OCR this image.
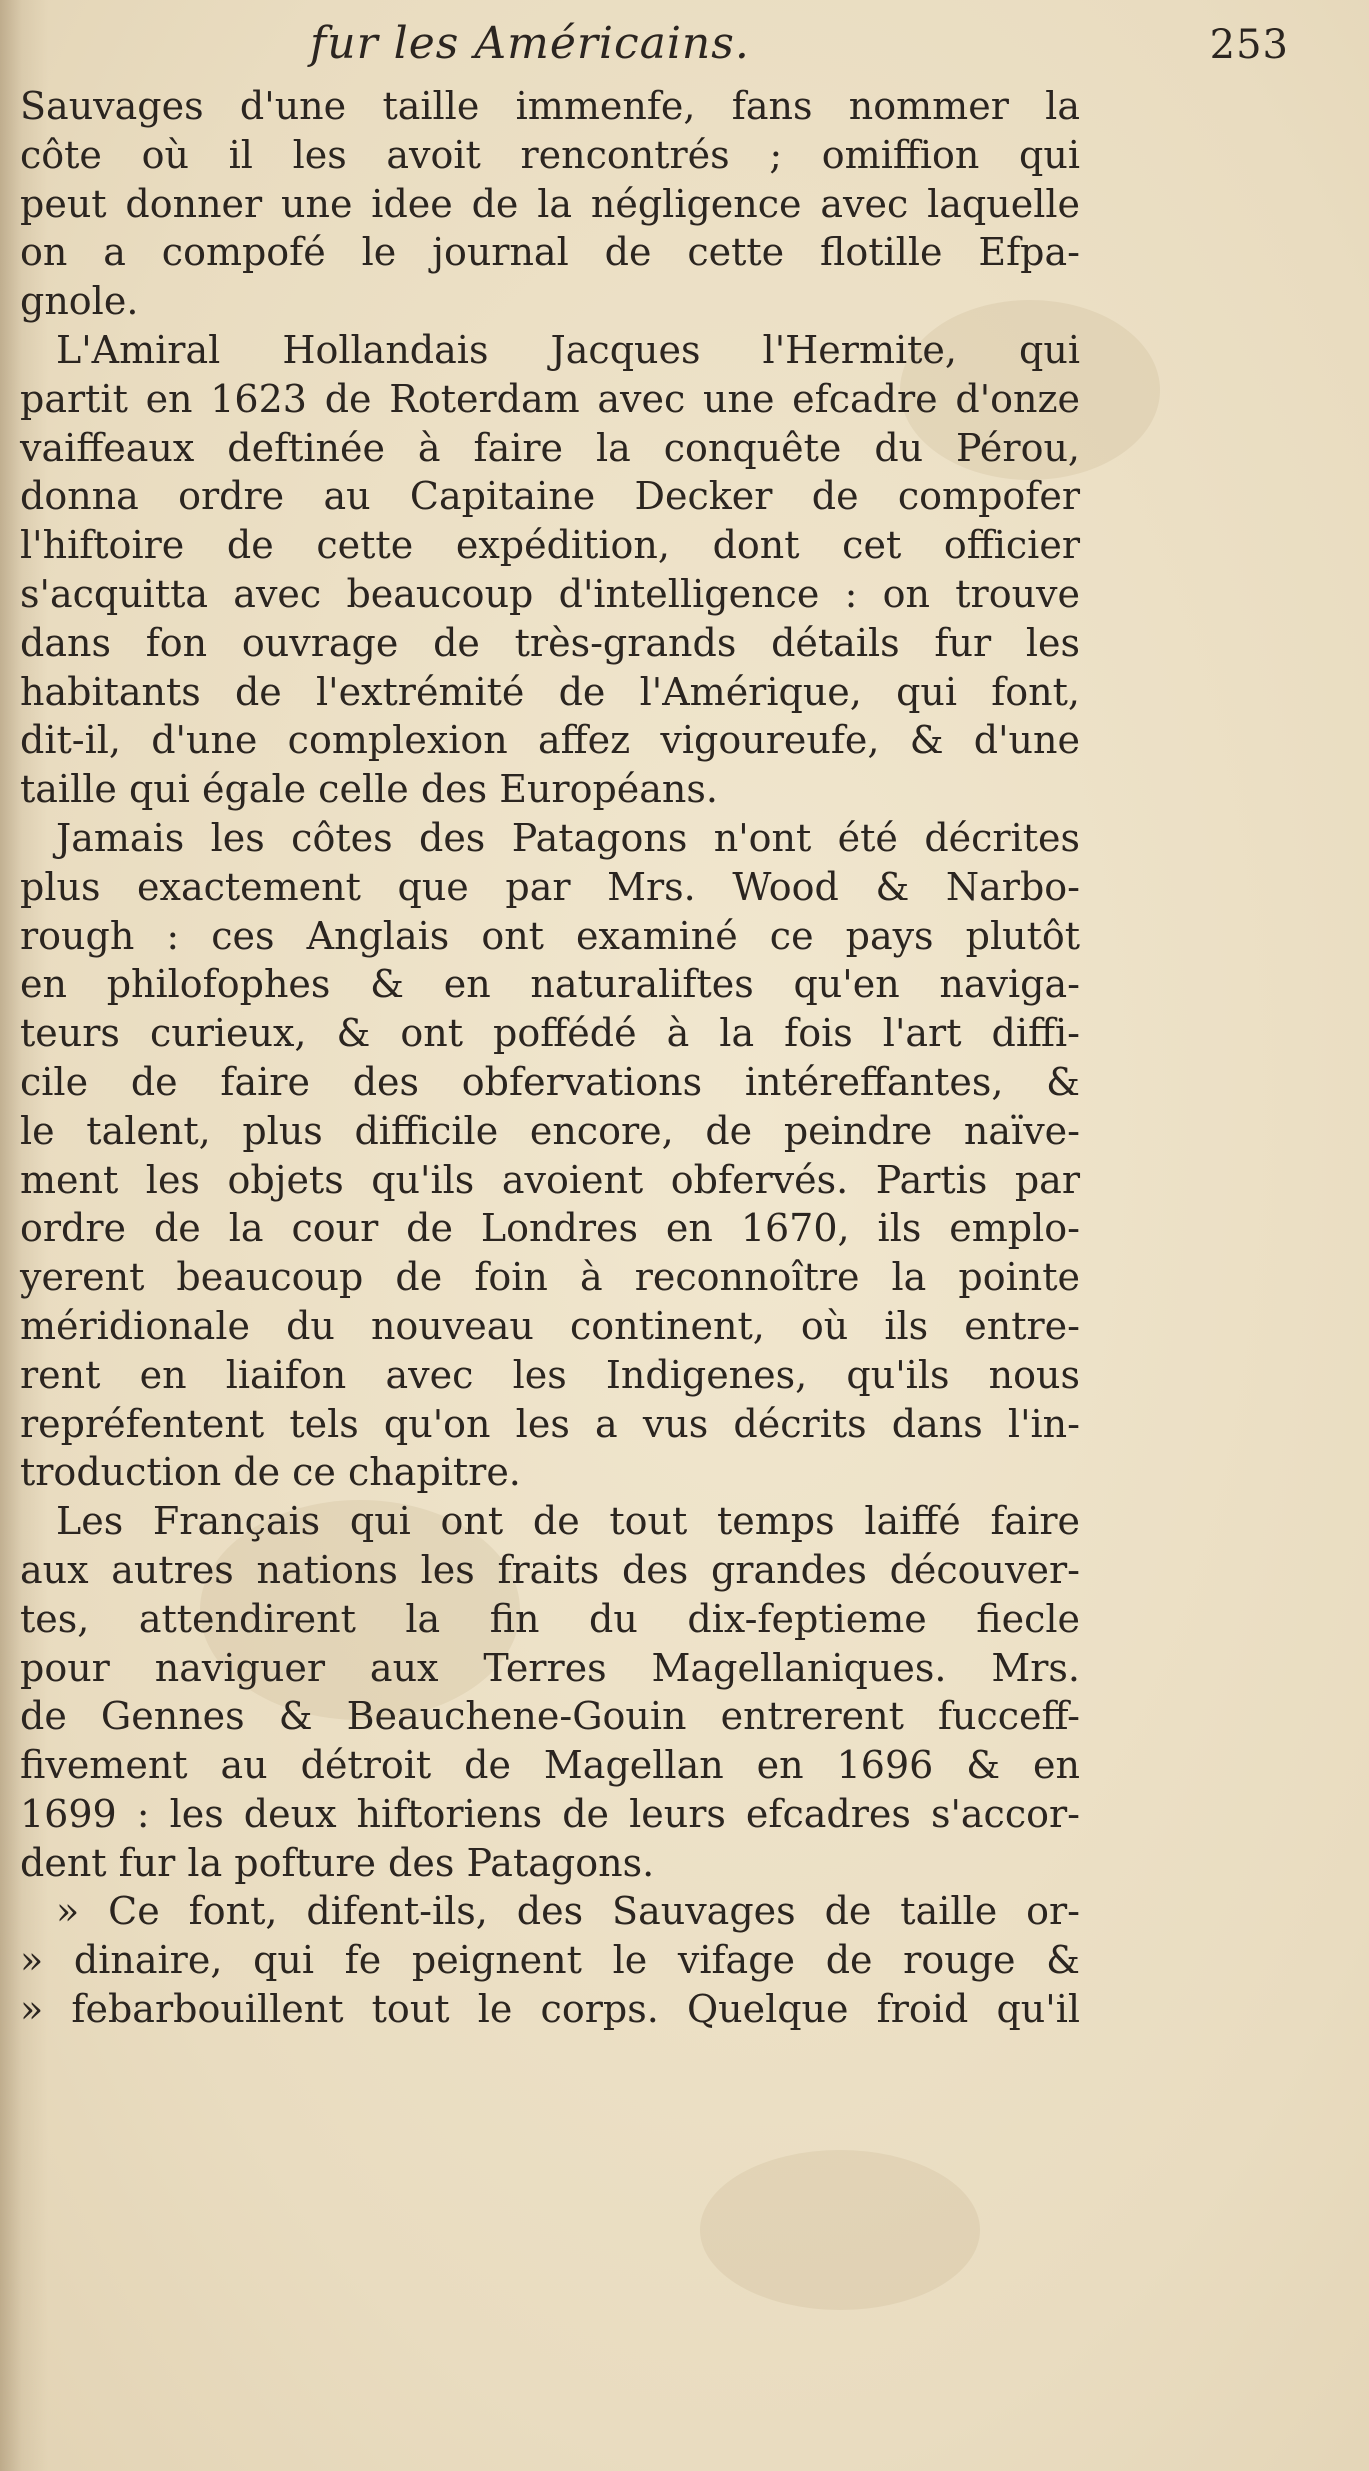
fur les Américains.	253
Sauvages d'une taille immenfe, fans nommer la
côte où il les avoit rencontrés ; omiffion qui
peut donner une idee de la négligence avec laquelle
on a compofé le journal de cette flotille Efpa-
gnole.
L'Amiral Hollandais Jacques l'Hermite, qui
partit en 1623 de Roterdam avec une efcadre d'onze
vaiffeaux deftinée à faire la conquête du Pérou,
donna ordre au Capitaine Decker de compofer
l'hiftoire de cette expédition, dont cet officier
s'acquitta avec beaucoup d'intelligence : on trouve
dans fon ouvrage de très-grands détails fur les
habitants de l'extrémité de l'Amérique, qui font,
dit-il, d'une complexion affez vigoureufe, & d'une
taille qui égale celle des Européans.
Jamais les côtes des Patagons n'ont été décrites
plus exactement que par Mrs. Wood & Narbo-
rough : ces Anglais ont examiné ce pays plutôt
en philofophes & en naturaliftes qu'en naviga-
teurs curieux, & ont poffédé à la fois l'art diffi-
cile de faire des obfervations intéreffantes, &
le talent, plus difficile encore, de peindre naïve-
ment les objets qu'ils avoient obfervés. Partis par
ordre de la cour de Londres en 1670, ils emplo-
yerent beaucoup de foin à reconnoître la pointe
méridionale du nouveau continent, où ils entre-
rent en liaifon avec les Indigenes, qu'ils nous
repréfentent tels qu'on les a vus décrits dans l'in-
troduction de ce chapitre.
Les Français qui ont de tout temps laiffé faire
aux autres nations les fraits des grandes découver-
tes, attendirent la fin du dix-feptieme fiecle
pour naviguer aux Terres Magellaniques. Mrs.
de Gennes & Beauchene-Gouin entrerent fucceff-
fivement au détroit de Magellan en 1696 & en
1699 : les deux hiftoriens de leurs efcadres s'accor-
dent fur la pofture des Patagons.
» Ce font, difent-ils, des Sauvages de taille or-
» dinaire, qui fe peignent le vifage de rouge &
» febarbouillent tout le corps. Quelque froid qu'il
